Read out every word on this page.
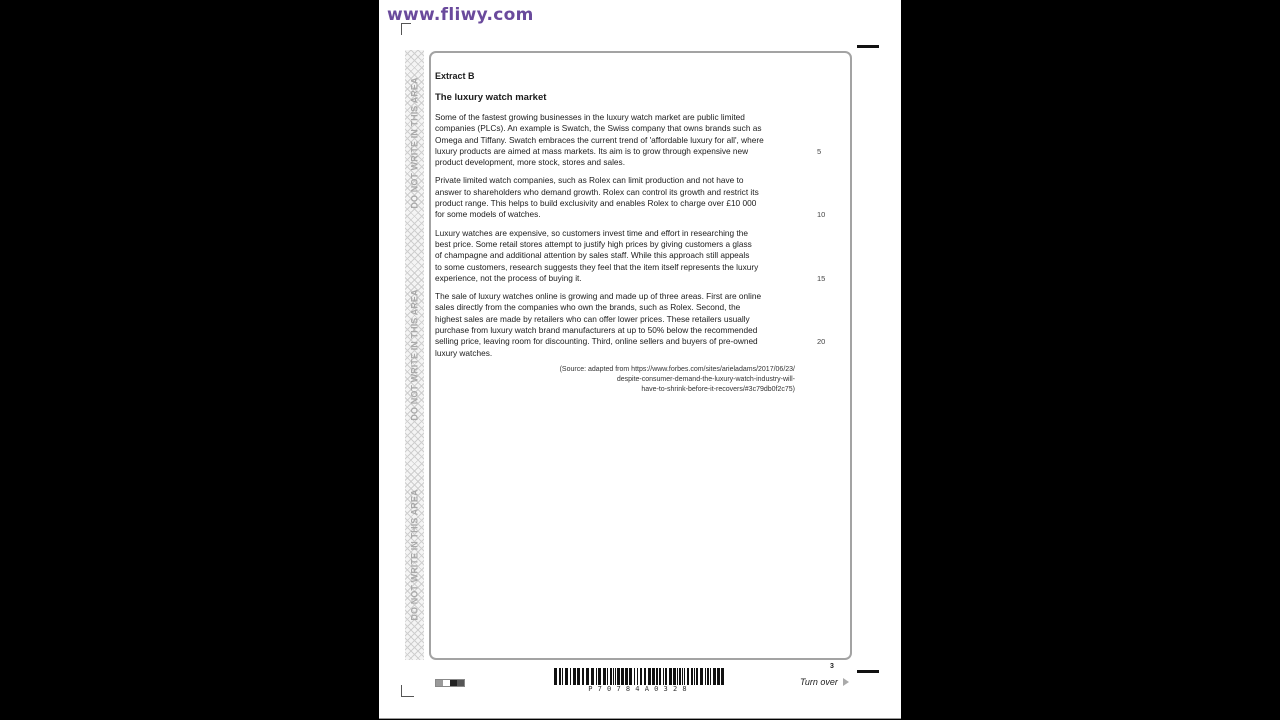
www.fliwy.com
DO NOT WRITE IN THIS AREA
DO NOT WRITE IN THIS AREA
DO NOT WRITE IN THIS AREA
Extract B
The luxury watch market
Some of the fastest growing businesses in the luxury watch market are public limited
companies (PLCs). An example is Swatch, the Swiss company that owns brands such as
Omega and Tiffany. Swatch embraces the current trend of 'affordable luxury for all', where
luxury products are aimed at mass markets. Its aim is to grow through expensive new
product development, more stock, stores and sales.
5
Private limited watch companies, such as Rolex can limit production and not have to
answer to shareholders who demand growth. Rolex can control its growth and restrict its
product range. This helps to build exclusivity and enables Rolex to charge over £10 000
for some models of watches.	10
Luxury watches are expensive, so customers invest time and effort in researching the
best price. Some retail stores attempt to justify high prices by giving customers a glass
of champagne and additional attention by sales staff. While this approach still appeals
to some customers, research suggests they feel that the item itself represents the luxury
experience, not the process of buying it.	15
The sale of luxury watches online is growing and made up of three areas. First are online
sales directly from the companies who own the brands, such as Rolex. Second, the
highest sales are made by retailers who can offer lower prices. These retailers usually
purchase from luxury watch brand manufacturers at up to 50% below the recommended
selling price, leaving room for discounting. Third, online sellers and buyers of pre-owned
luxury watches.
20
(Source: adapted from https://www.forbes.com/sites/arieladams/2017/06/23/
despite-consumer-demand-the-luxury-watch-industry-will-
have-to-shrink-before-it-recovers/#3c79db0f2c75)
P70784A0328
3
Turn over
